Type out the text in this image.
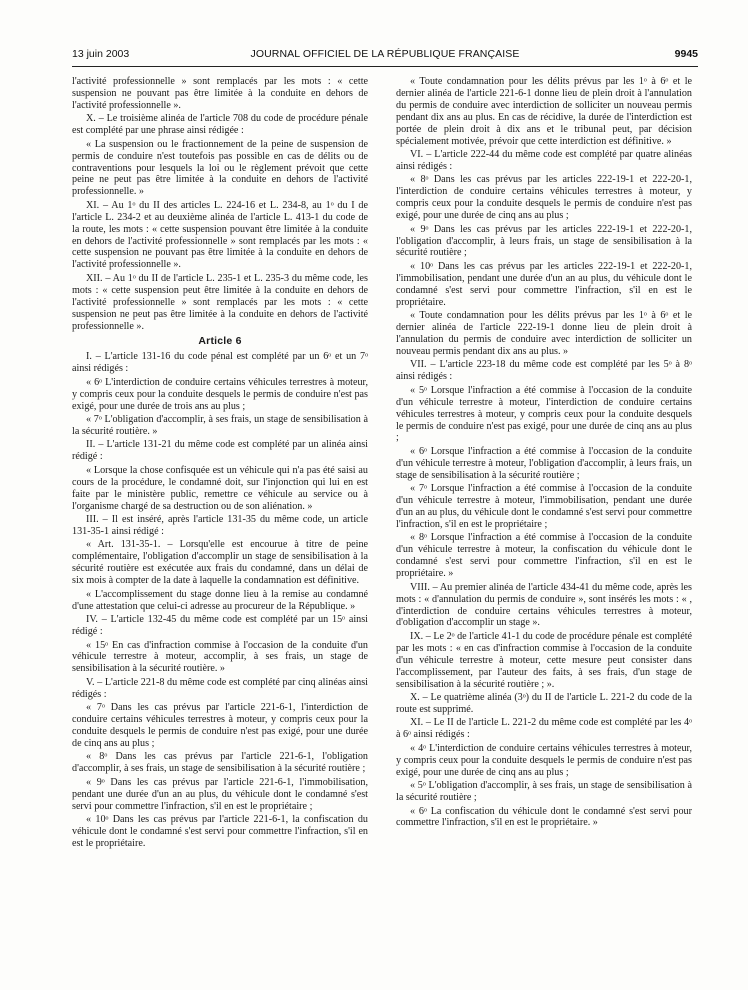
13 juin 2003	JOURNAL OFFICIEL DE LA RÉPUBLIQUE FRANÇAISE	9945

l'activité professionnelle » sont remplacés par les mots : « cette suspension ne pouvant pas être limitée à la conduite en dehors de l'activité professionnelle ».

X. – Le troisième alinéa de l'article 708 du code de procédure pénale est complété par une phrase ainsi rédigée :

« La suspension ou le fractionnement de la peine de suspension de permis de conduire n'est toutefois pas possible en cas de délits ou de contraventions pour lesquels la loi ou le règlement prévoit que cette peine ne peut pas être limitée à la conduite en dehors de l'activité professionnelle. »

XI. – Au 1ᵒ du II des articles L. 224-16 et L. 234-8, au 1ᵒ du I de l'article L. 234-2 et au deuxième alinéa de l'article L. 413-1 du code de la route, les mots : « cette suspension pouvant être limitée à la conduite en dehors de l'activité professionnelle » sont remplacés par les mots : « cette suspension ne pouvant pas être limitée à la conduite en dehors de l'activité professionnelle ».

XII. – Au 1ᵒ du II de l'article L. 235-1 et L. 235-3 du même code, les mots : « cette suspension peut être limitée à la conduite en dehors de l'activité professionnelle » sont remplacés par les mots : « cette suspension ne peut pas être limitée à la conduite en dehors de l'activité professionnelle ».

Article 6

I. – L'article 131-16 du code pénal est complété par un 6ᵒ et un 7ᵒ ainsi rédigés :

« 6ᵒ L'interdiction de conduire certains véhicules terrestres à moteur, y compris ceux pour la conduite desquels le permis de conduire n'est pas exigé, pour une durée de trois ans au plus ;

« 7ᵒ L'obligation d'accomplir, à ses frais, un stage de sensibilisation à la sécurité routière. »

II. – L'article 131-21 du même code est complété par un alinéa ainsi rédigé :

« Lorsque la chose confisquée est un véhicule qui n'a pas été saisi au cours de la procédure, le condamné doit, sur l'injonction qui lui en est faite par le ministère public, remettre ce véhicule au service ou à l'organisme chargé de sa destruction ou de son aliénation. »

III. – Il est inséré, après l'article 131-35 du même code, un article 131-35-1 ainsi rédigé :

« Art. 131-35-1. – Lorsqu'elle est encourue à titre de peine complémentaire, l'obligation d'accomplir un stage de sensibilisation à la sécurité routière est exécutée aux frais du condamné, dans un délai de six mois à compter de la date à laquelle la condamnation est définitive.

« L'accomplissement du stage donne lieu à la remise au condamné d'une attestation que celui-ci adresse au procureur de la République. »

IV. – L'article 132-45 du même code est complété par un 15ᵒ ainsi rédigé :

« 15ᵒ En cas d'infraction commise à l'occasion de la conduite d'un véhicule terrestre à moteur, accomplir, à ses frais, un stage de sensibilisation à la sécurité routière. »

V. – L'article 221-8 du même code est complété par cinq alinéas ainsi rédigés :

« 7ᵒ Dans les cas prévus par l'article 221-6-1, l'interdiction de conduire certains véhicules terrestres à moteur, y compris ceux pour la conduite desquels le permis de conduire n'est pas exigé, pour une durée de cinq ans au plus ;

« 8ᵒ Dans les cas prévus par l'article 221-6-1, l'obligation d'accomplir, à ses frais, un stage de sensibilisation à la sécurité routière ;

« 9ᵒ Dans les cas prévus par l'article 221-6-1, l'immobilisation, pendant une durée d'un an au plus, du véhicule dont le condamné s'est servi pour commettre l'infraction, s'il en est le propriétaire ;

« 10ᵒ Dans les cas prévus par l'article 221-6-1, la confiscation du véhicule dont le condamné s'est servi pour commettre l'infraction, s'il en est le propriétaire.

« Toute condamnation pour les délits prévus par les 1ᵒ à 6ᵒ et le dernier alinéa de l'article 221-6-1 donne lieu de plein droit à l'annulation du permis de conduire avec interdiction de solliciter un nouveau permis pendant dix ans au plus. En cas de récidive, la durée de l'interdiction est portée de plein droit à dix ans et le tribunal peut, par décision spécialement motivée, prévoir que cette interdiction est définitive. »

VI. – L'article 222-44 du même code est complété par quatre alinéas ainsi rédigés :

« 8ᵒ Dans les cas prévus par les articles 222-19-1 et 222-20-1, l'interdiction de conduire certains véhicules terrestres à moteur, y compris ceux pour la conduite desquels le permis de conduire n'est pas exigé, pour une durée de cinq ans au plus ;

« 9ᵒ Dans les cas prévus par les articles 222-19-1 et 222-20-1, l'obligation d'accomplir, à leurs frais, un stage de sensibilisation à la sécurité routière ;

« 10ᵒ Dans les cas prévus par les articles 222-19-1 et 222-20-1, l'immobilisation, pendant une durée d'un an au plus, du véhicule dont le condamné s'est servi pour commettre l'infraction, s'il en est le propriétaire.

« Toute condamnation pour les délits prévus par les 1ᵒ à 6ᵒ et le dernier alinéa de l'article 222-19-1 donne lieu de plein droit à l'annulation du permis de conduire avec interdiction de solliciter un nouveau permis pendant dix ans au plus. »

VII. – L'article 223-18 du même code est complété par les 5ᵒ à 8ᵒ ainsi rédigés :

« 5ᵒ Lorsque l'infraction a été commise à l'occasion de la conduite d'un véhicule terrestre à moteur, l'interdiction de conduire certains véhicules terrestres à moteur, y compris ceux pour la conduite desquels le permis de conduire n'est pas exigé, pour une durée de cinq ans au plus ;

« 6ᵒ Lorsque l'infraction a été commise à l'occasion de la conduite d'un véhicule terrestre à moteur, l'obligation d'accomplir, à leurs frais, un stage de sensibilisation à la sécurité routière ;

« 7ᵒ Lorsque l'infraction a été commise à l'occasion de la conduite d'un véhicule terrestre à moteur, l'immobilisation, pendant une durée d'un an au plus, du véhicule dont le condamné s'est servi pour commettre l'infraction, s'il en est le propriétaire ;

« 8ᵒ Lorsque l'infraction a été commise à l'occasion de la conduite d'un véhicule terrestre à moteur, la confiscation du véhicule dont le condamné s'est servi pour commettre l'infraction, s'il en est le propriétaire. »

VIII. – Au premier alinéa de l'article 434-41 du même code, après les mots : « d'annulation du permis de conduire », sont insérés les mots : « , d'interdiction de conduire certains véhicules terrestres à moteur, d'obligation d'accomplir un stage ».

IX. – Le 2ᵒ de l'article 41-1 du code de procédure pénale est complété par les mots : « en cas d'infraction commise à l'occasion de la conduite d'un véhicule terrestre à moteur, cette mesure peut consister dans l'accomplissement, par l'auteur des faits, à ses frais, d'un stage de sensibilisation à la sécurité routière ; ».

X. – Le quatrième alinéa (3ᵒ) du II de l'article L. 221-2 du code de la route est supprimé.

XI. – Le II de l'article L. 221-2 du même code est complété par les 4ᵒ à 6ᵒ ainsi rédigés :

« 4ᵒ L'interdiction de conduire certains véhicules terrestres à moteur, y compris ceux pour la conduite desquels le permis de conduire n'est pas exigé, pour une durée de cinq ans au plus ;

« 5ᵒ L'obligation d'accomplir, à ses frais, un stage de sensibilisation à la sécurité routière ;

« 6ᵒ La confiscation du véhicule dont le condamné s'est servi pour commettre l'infraction, s'il en est le propriétaire. »
